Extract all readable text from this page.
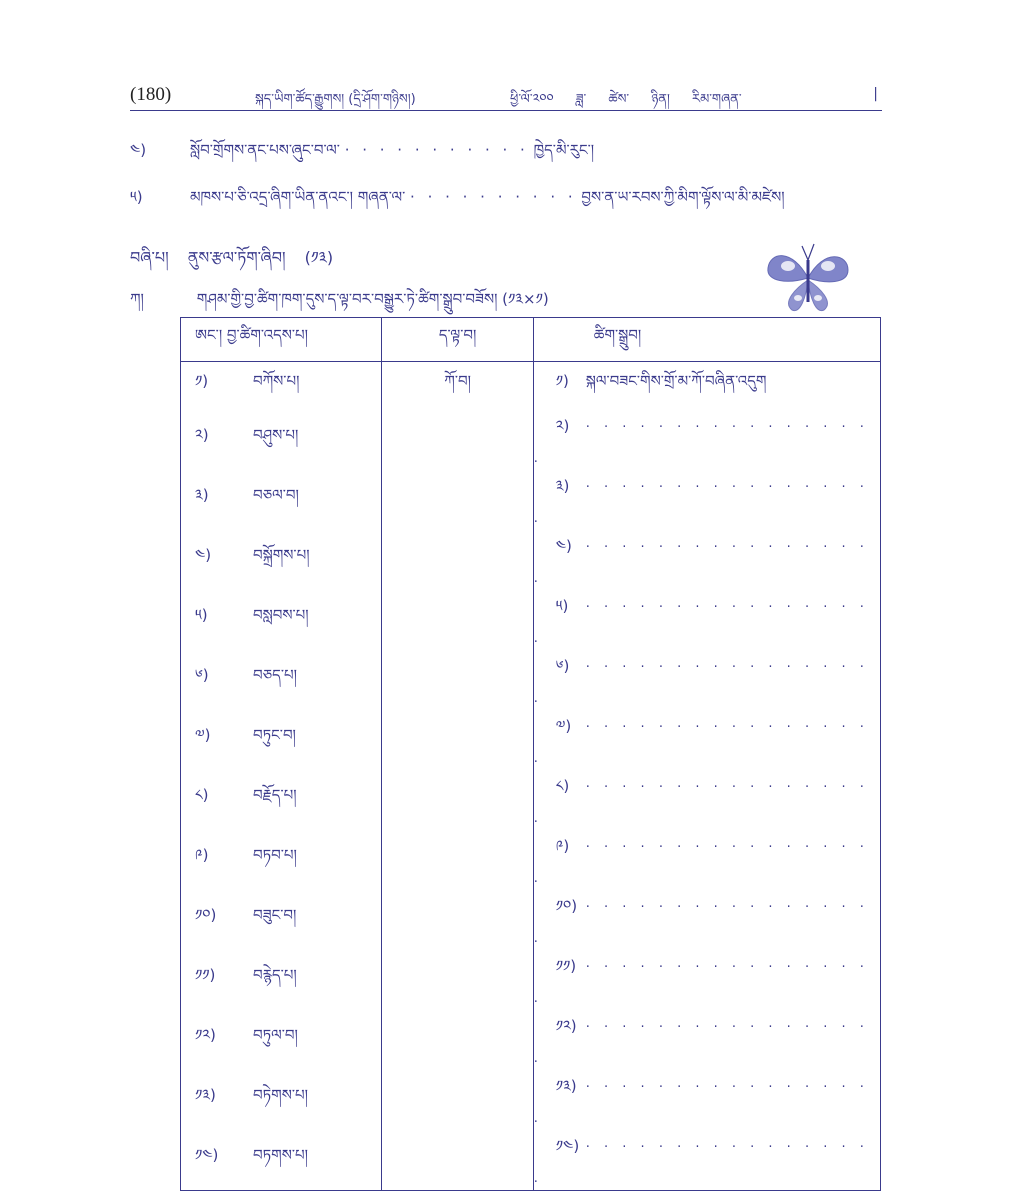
(180)	སྐད་ཡིག་ཚོད་རྒྱུགས། (དྲི་ཤོག་གཉིས།)	ཕྱི་ལོ་༢༠༠ ཟླ་ ཚེས་ ཉིན། རིམ་གཞན་	|
༤)	སློབ་གྲོགས་ནང་པས་ཞུང་བ་ལ་ · · · · · · · · · · · ཁྱེད་མི་རུང་།
༥)	མཁས་པ་ཅི་འདྲ་ཞིག་ཡིན་ནའང་། གཞན་ལ་ · · · · · · · · · · བྱས་ན་ཡ་རབས་ཀྱི་མིག་ལྟོས་ལ་མི་མཛེས།
བཞི་པ། ནུས་རྩལ་ཏོག་ཞིབ། (༡༣)
ཀ།	གཤམ་གྱི་བྱ་ཚིག་ཁག་དུས་ད་ལྟ་བར་བསྒྱུར་ཏེ་ཚིག་སྒྲུབ་བཟོས། (༡༣×༡)
ཨང་། བྱ་ཚིག་འདས་པ།	ད་ལྟ་བ།	ཚིག་སྒྲུབ།
༡) བཀོས་པ།	ཀོ་བ།	༡) སྐལ་བཟང་གིས་གྲོ་མ་ཀོ་བཞིན་འདུག
༢) བཤུས་པ།		༢) · · · · · · · · · · · · · · · · ·
༣) བཅལ་བ།		༣) · · · · · · · · · · · · · · · · ·
༤) བསྐྲོགས་པ།		༤) · · · · · · · · · · · · · · · · ·
༥) བསླབས་པ།		༥) · · · · · · · · · · · · · · · · ·
༦) བཅད་པ།		༦) · · · · · · · · · · · · · · · · ·
༧) བཏུང་བ།		༧) · · · · · · · · · · · · · · · · ·
༨) བརྗོད་པ།		༨) · · · · · · · · · · · · · · · · ·
༩) བཏབ་པ།		༩) · · · · · · · · · · · · · · · · ·
༡༠) བཟུང་བ།		༡༠) · · · · · · · · · · · · · · · · ·
༡༡) བརྙེད་པ།		༡༡) · · · · · · · · · · · · · · · · ·
༡༢) བཏུལ་བ།		༡༢) · · · · · · · · · · · · · · · · ·
༡༣) བཏེགས་པ།		༡༣) · · · · · · · · · · · · · · · · ·
༡༤) བཏགས་པ།		༡༤) · · · · · · · · · · · · · · · · ·
